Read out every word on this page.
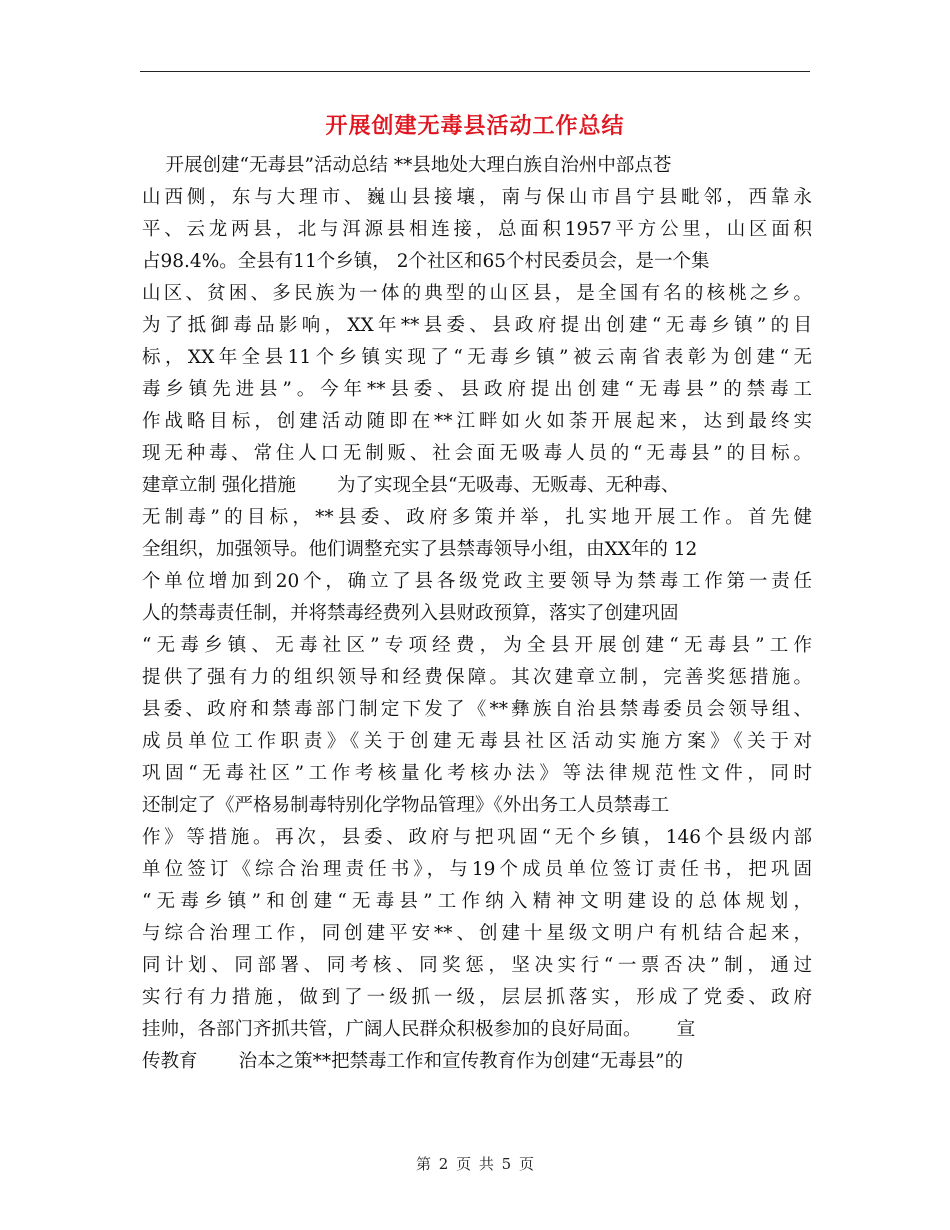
开展创建无毒县活动工作总结
开展创建“无毒县”活动总结 **县地处大理白族自治州中部点苍
山西侧，东与大理市、巍山县接壤，南与保山市昌宁县毗邻，西靠永
平、云龙两县，北与洱源县相连接，总面积1957平方公里，山区面积
占98.4%。全县有11个乡镇， 2个社区和65个村民委员会，是一个集
山区、贫困、多民族为一体的典型的山区县，是全国有名的核桃之乡。
为了抵御毒品影响，XX年**县委、县政府提出创建“无毒乡镇”的目
标，XX年全县11个乡镇实现了“无毒乡镇”被云南省表彰为创建“无
毒乡镇先进县”。今年**县委、县政府提出创建“无毒县”的禁毒工
作战略目标，创建活动随即在**江畔如火如荼开展起来，达到最终实
现无种毒、常住人口无制贩、社会面无吸毒人员的“无毒县”的目标。
建章立制 强化措施       为了实现全县“无吸毒、无贩毒、无种毒、
无制毒”的目标，**县委、政府多策并举，扎实地开展工作。首先健
全组织，加强领导。他们调整充实了县禁毒领导小组，由XX年的 12
个单位增加到20个，确立了县各级党政主要领导为禁毒工作第一责任
人的禁毒责任制，并将禁毒经费列入县财政预算，落实了创建巩固
“无毒乡镇、无毒社区”专项经费，为全县开展创建“无毒县”工作
提供了强有力的组织领导和经费保障。其次建章立制，完善奖惩措施。
县委、政府和禁毒部门制定下发了《**彝族自治县禁毒委员会领导组、
成员单位工作职责》《关于创建无毒县社区活动实施方案》《关于对
巩固“无毒社区”工作考核量化考核办法》等法律规范性文件，同时
还制定了《严格易制毒特别化学物品管理》《外出务工人员禁毒工
作》等措施。再次，县委、政府与把巩固“无个乡镇，146个县级内部
单位签订《综合治理责任书》，与19个成员单位签订责任书，把巩固
“无毒乡镇”和创建“无毒县”工作纳入精神文明建设的总体规划，
与综合治理工作，同创建平安**、创建十星级文明户有机结合起来，
同计划、同部署、同考核、同奖惩，坚决实行“一票否决”制，通过
实行有力措施，做到了一级抓一级，层层抓落实，形成了党委、政府
挂帅，各部门齐抓共管，广阔人民群众积极参加的良好局面。      宣
传教育       治本之策**把禁毒工作和宣传教育作为创建“无毒县”的
第 2 页 共 5 页
